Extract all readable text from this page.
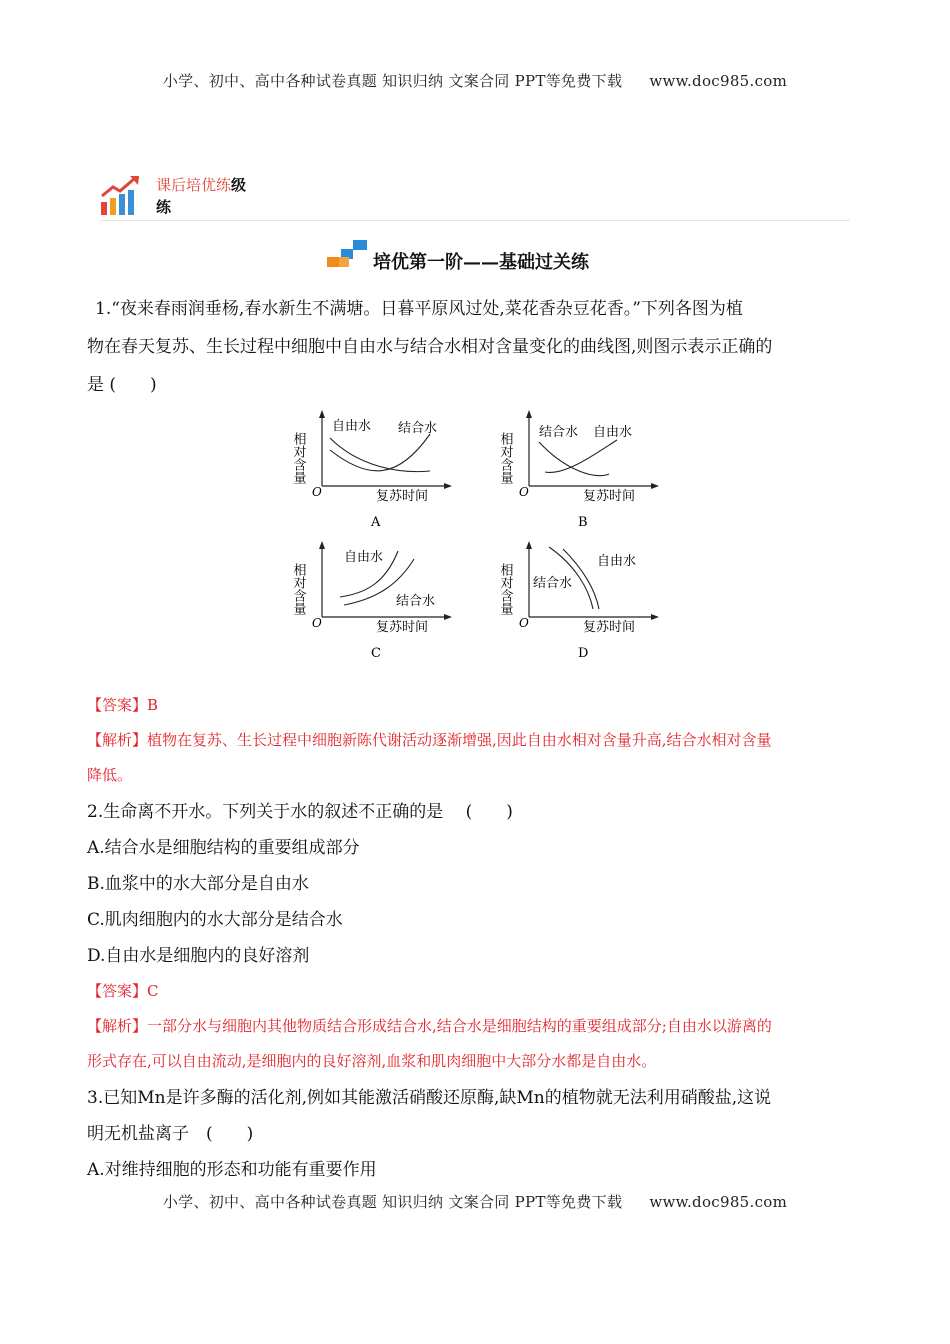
小学、初中、高中各种试卷真题 知识归纳 文案合同 PPT等免费下载 www.doc985.com
课后培优练级
练
培优第一阶——基础过关练
1.“夜来春雨润垂杨,春水新生不满塘。日暮平原风过处,菜花香杂豆花香。”下列各图为植
物在春天复苏、生长过程中细胞中自由水与结合水相对含量变化的曲线图,则图示表示正确的
是 (　　)
相对含量
O	复苏时间
自由水 结合水
A
相对含量
O	复苏时间
结合水 自由水
B
相对含量
O	复苏时间
自由水
结合水
C
相对含量
O	复苏时间
结合水
自由水
D
【答案】B
【解析】植物在复苏、生长过程中细胞新陈代谢活动逐渐增强,因此自由水相对含量升高,结合水相对含量
降低。
2.生命离不开水。下列关于水的叙述不正确的是　 (　　)
A.结合水是细胞结构的重要组成部分
B.血浆中的水大部分是自由水
C.肌肉细胞内的水大部分是结合水
D.自由水是细胞内的良好溶剂
【答案】C
【解析】一部分水与细胞内其他物质结合形成结合水,结合水是细胞结构的重要组成部分;自由水以游离的
形式存在,可以自由流动,是细胞内的良好溶剂,血浆和肌肉细胞中大部分水都是自由水。
3.已知Mn是许多酶的活化剂,例如其能激活硝酸还原酶,缺Mn的植物就无法利用硝酸盐,这说
明无机盐离子　(　　)
A.对维持细胞的形态和功能有重要作用
小学、初中、高中各种试卷真题 知识归纳 文案合同 PPT等免费下载 www.doc985.com
